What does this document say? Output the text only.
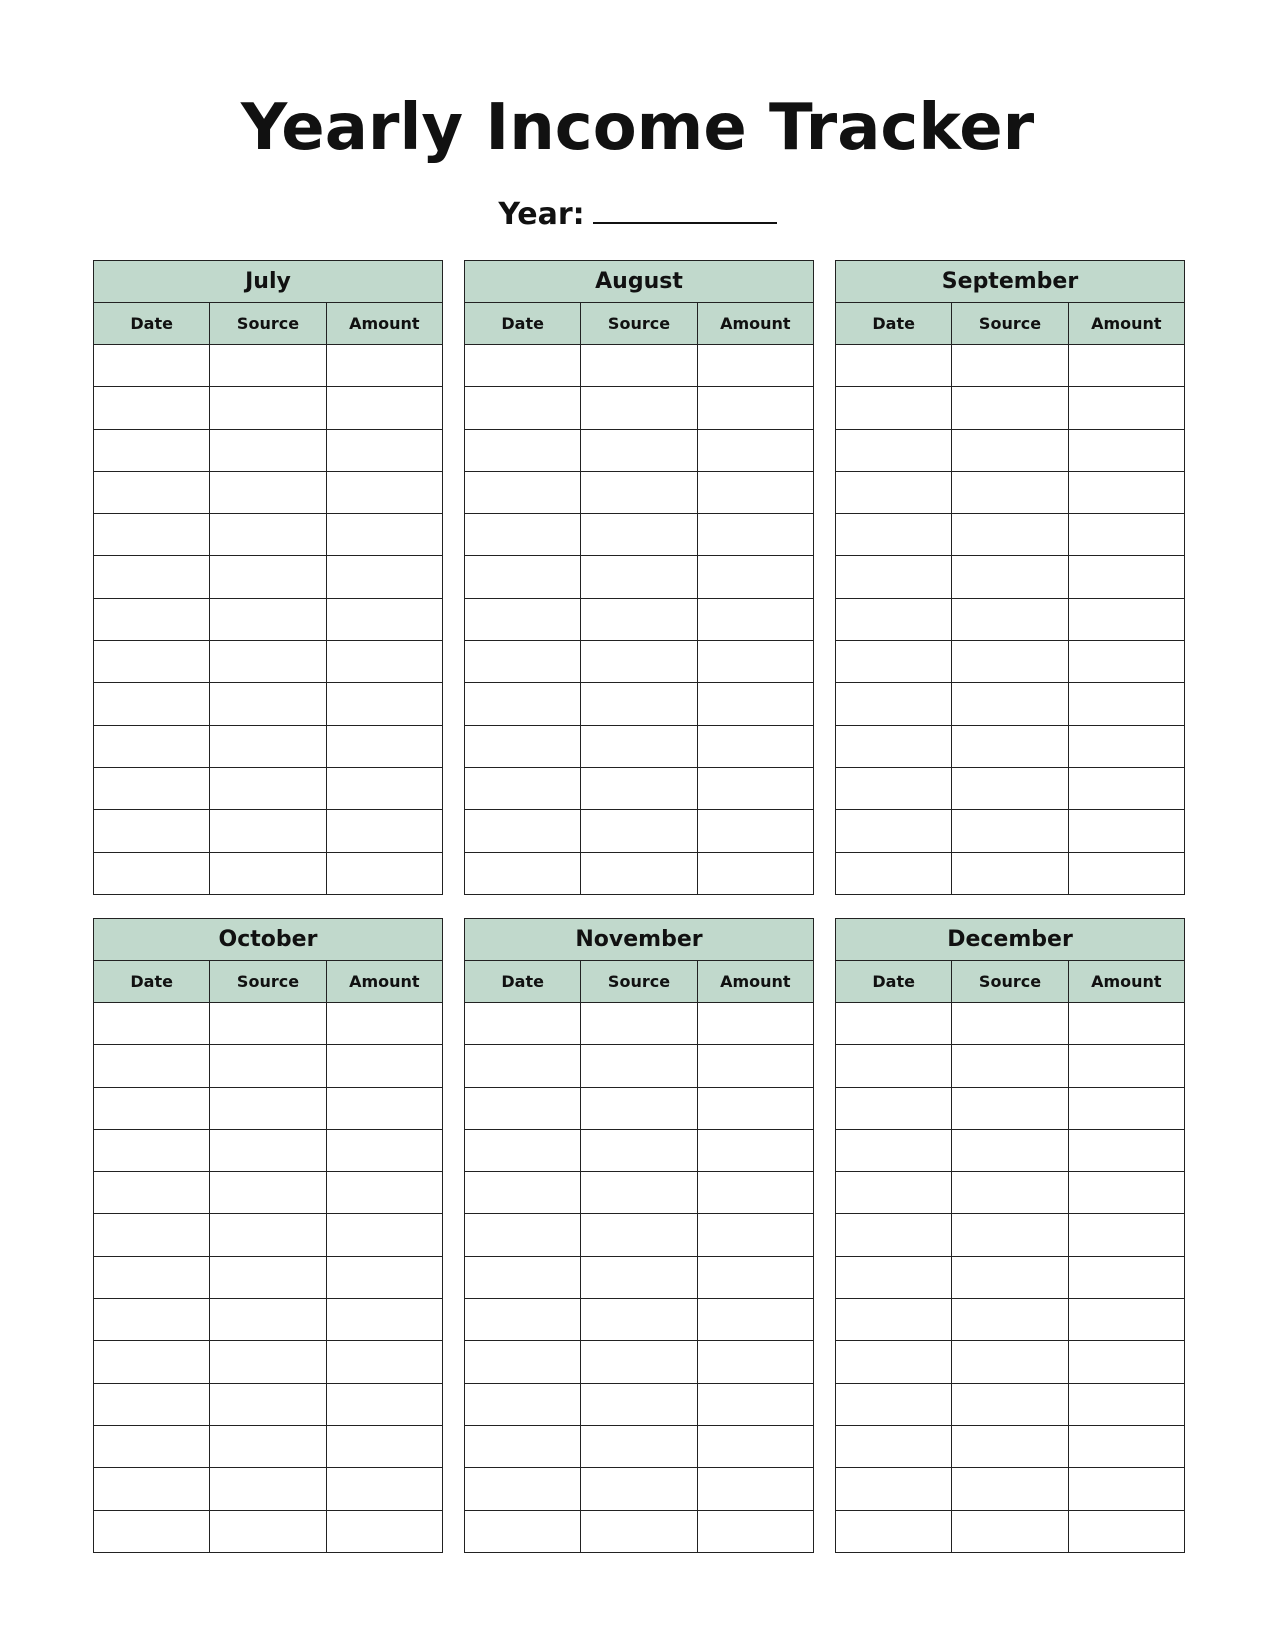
Yearly Income Tracker
Year:
July		
Date	Source	Amount

August		
Date	Source	Amount

September		
Date	Source	Amount

October		
Date	Source	Amount

November		
Date	Source	Amount

December		
Date	Source	Amount
